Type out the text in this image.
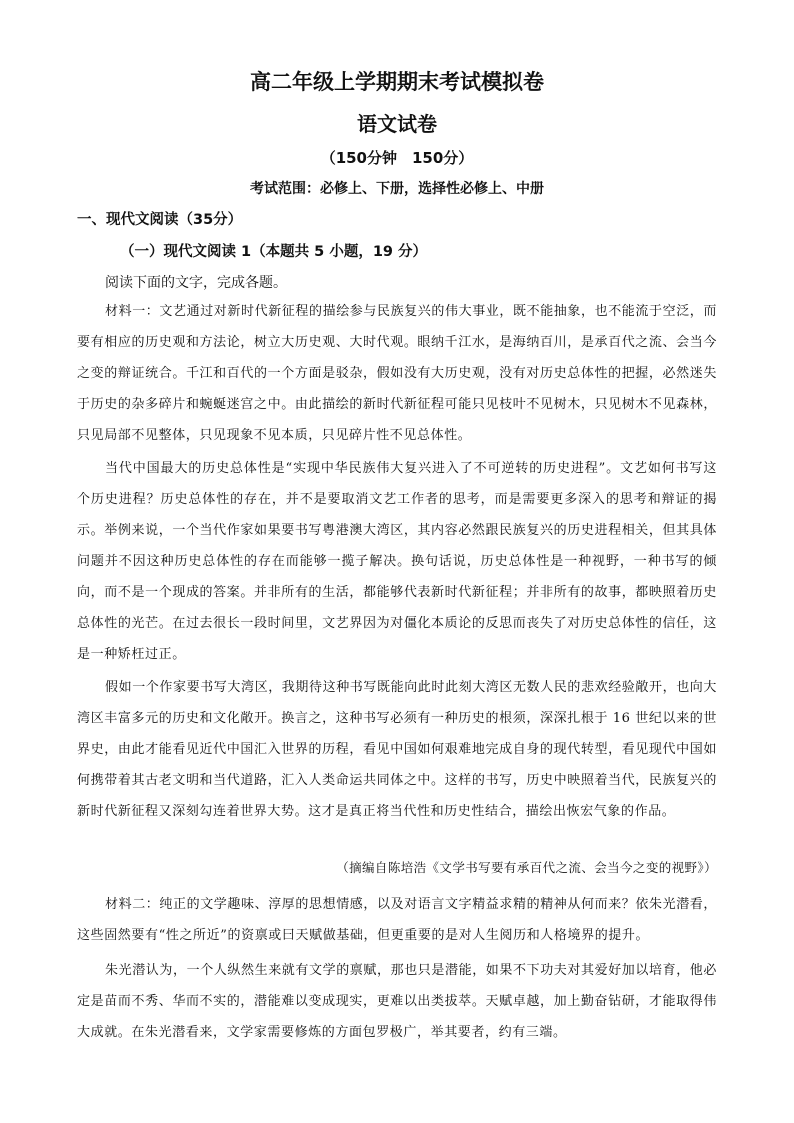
高二年级上学期期末考试模拟卷
语文试卷
（150分钟　150分）
考试范围：必修上、下册，选择性必修上、中册
一、现代文阅读（35分）
（一）现代文阅读 1（本题共 5 小题，19 分）
阅读下面的文字，完成各题。

材料一：文艺通过对新时代新征程的描绘参与民族复兴的伟大事业，既不能抽象，也不能流于空泛，而要有相应的历史观和方法论，树立大历史观、大时代观。眼纳千江水，是海纳百川，是承百代之流、会当今之变的辩证统合。千江和百代的一个方面是驳杂，假如没有大历史观，没有对历史总体性的把握，必然迷失于历史的杂多碎片和蜿蜒迷宫之中。由此描绘的新时代新征程可能只见枝叶不见树木，只见树木不见森林，只见局部不见整体，只见现象不见本质，只见碎片性不见总体性。

当代中国最大的历史总体性是“实现中华民族伟大复兴进入了不可逆转的历史进程”。文艺如何书写这个历史进程？历史总体性的存在，并不是要取消文艺工作者的思考，而是需要更多深入的思考和辩证的揭示。举例来说，一个当代作家如果要书写粤港澳大湾区，其内容必然跟民族复兴的历史进程相关，但其具体问题并不因这种历史总体性的存在而能够一揽子解决。换句话说，历史总体性是一种视野，一种书写的倾向，而不是一个现成的答案。并非所有的生活，都能够代表新时代新征程；并非所有的故事，都映照着历史总体性的光芒。在过去很长一段时间里，文艺界因为对僵化本质论的反思而丧失了对历史总体性的信任，这是一种矫枉过正。

假如一个作家要书写大湾区，我期待这种书写既能向此时此刻大湾区无数人民的悲欢经验敞开，也向大湾区丰富多元的历史和文化敞开。换言之，这种书写必须有一种历史的根须，深深扎根于 16 世纪以来的世界史，由此才能看见近代中国汇入世界的历程，看见中国如何艰难地完成自身的现代转型，看见现代中国如何携带着其古老文明和当代道路，汇入人类命运共同体之中。这样的书写，历史中映照着当代，民族复兴的新时代新征程又深刻勾连着世界大势。这才是真正将当代性和历史性结合，描绘出恢宏气象的作品。

（摘编自陈培浩《文学书写要有承百代之流、会当今之变的视野》）

材料二：纯正的文学趣味、淳厚的思想情感，以及对语言文字精益求精的精神从何而来？依朱光潜看，这些固然要有“性之所近”的资禀或曰天赋做基础，但更重要的是对人生阅历和人格境界的提升。

朱光潜认为，一个人纵然生来就有文学的禀赋，那也只是潜能，如果不下功夫对其爱好加以培育，他必定是苗而不秀、华而不实的，潜能难以变成现实，更难以出类拔萃。天赋卓越，加上勤奋钻研，才能取得伟大成就。在朱光潜看来，文学家需要修炼的方面包罗极广，举其要者，约有三端。
